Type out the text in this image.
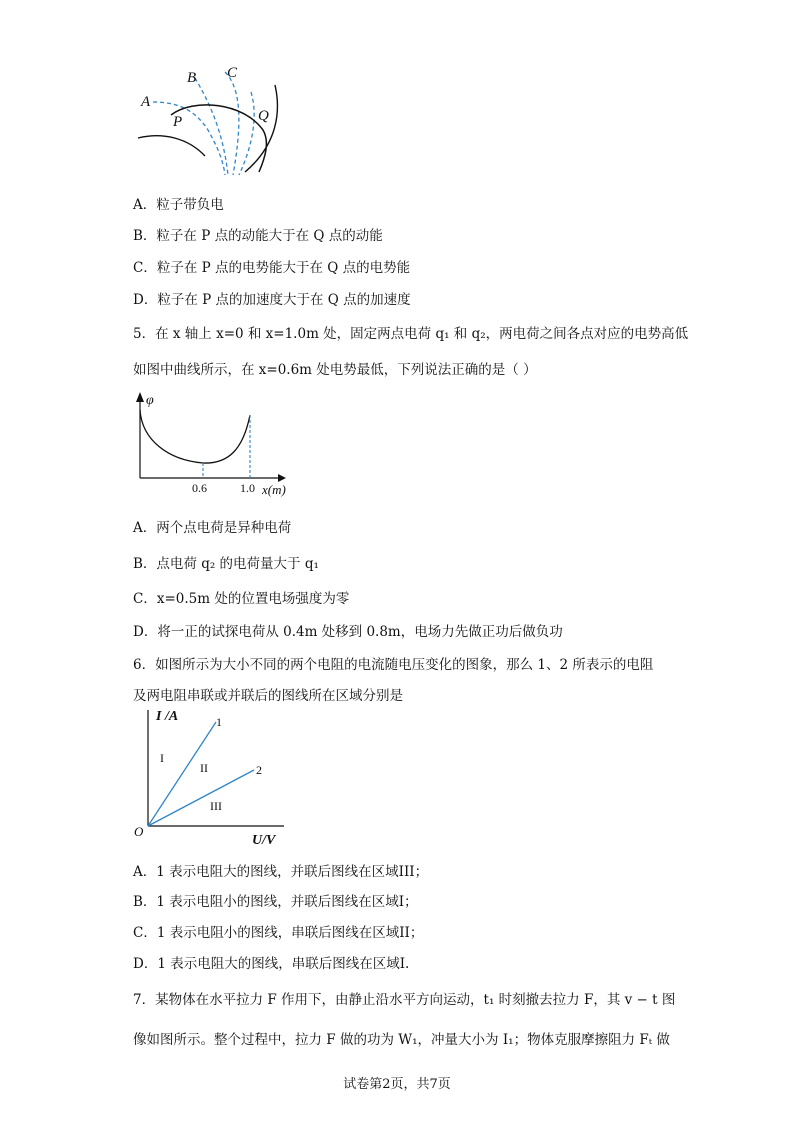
A
B C
P	Q
A．粒子带负电
B．粒子在 P 点的动能大于在 Q 点的动能
C．粒子在 P 点的电势能大于在 Q 点的电势能
D．粒子在 P 点的加速度大于在 Q 点的加速度
5．在 x 轴上 x=0 和 x=1.0m 处，固定两点电荷 q₁ 和 q₂，两电荷之间各点对应的电势高低
如图中曲线所示，在 x=0.6m 处电势最低，下列说法正确的是（ ）
φ
0.6	1.0 x(m)
A．两个点电荷是异种电荷
B．点电荷 q₂ 的电荷量大于 q₁
C．x=0.5m 处的位置电场强度为零
D．将一正的试探电荷从 0.4m 处移到 0.8m，电场力先做正功后做负功
6．如图所示为大小不同的两个电阻的电流随电压变化的图象，那么 1、2 所表示的电阻
及两电阻串联或并联后的图线所在区域分别是
I /A
U/V
O
1
2
I
II
III
A．1 表示电阻大的图线，并联后图线在区域III；
B．1 表示电阻小的图线，并联后图线在区域I；
C．1 表示电阻小的图线，串联后图线在区域II；
D．1 表示电阻大的图线，串联后图线在区域I.
7．某物体在水平拉力 F 作用下，由静止沿水平方向运动，t₁ 时刻撤去拉力 F，其 v − t 图
像如图所示。整个过程中，拉力 F 做的功为 W₁，冲量大小为 I₁；物体克服摩擦阻力 Fₜ 做
试卷第2页，共7页
